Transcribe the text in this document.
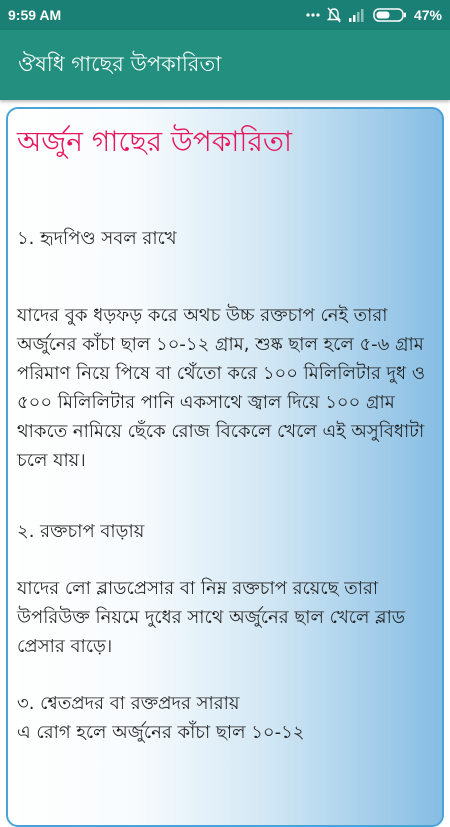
9:59 AM	47%
ঔষধি গাছের উপকারিতা
অর্জুন গাছের উপকারিতা

১. হৃদপিণ্ড সবল রাখে

যাদের বুক ধড়ফড় করে অথচ উচ্চ রক্তচাপ নেই তারা অর্জুনের কাঁচা ছাল ১০-১২ গ্রাম, শুষ্ক ছাল হলে ৫-৬ গ্রাম পরিমাণ নিয়ে পিষে বা থেঁতো করে ১০০ মিলিলিটার দুধ ও ৫০০ মিলিলিটার পানি একসাথে জ্বাল দিয়ে ১০০ গ্রাম থাকতে নামিয়ে ছেঁকে রোজ বিকেলে খেলে এই অসুবিধাটা চলে যায়।

২. রক্তচাপ বাড়ায়

যাদের লো ব্লাডপ্রেসার বা নিম্ন রক্তচাপ রয়েছে তারা উপরিউক্ত নিয়মে দুধের সাথে অর্জুনের ছাল খেলে ব্লাড প্রেসার বাড়ে।

৩. শ্বেতপ্রদর বা রক্তপ্রদর সারায়

এ রোগ হলে অর্জুনের কাঁচা ছাল ১০-১২
